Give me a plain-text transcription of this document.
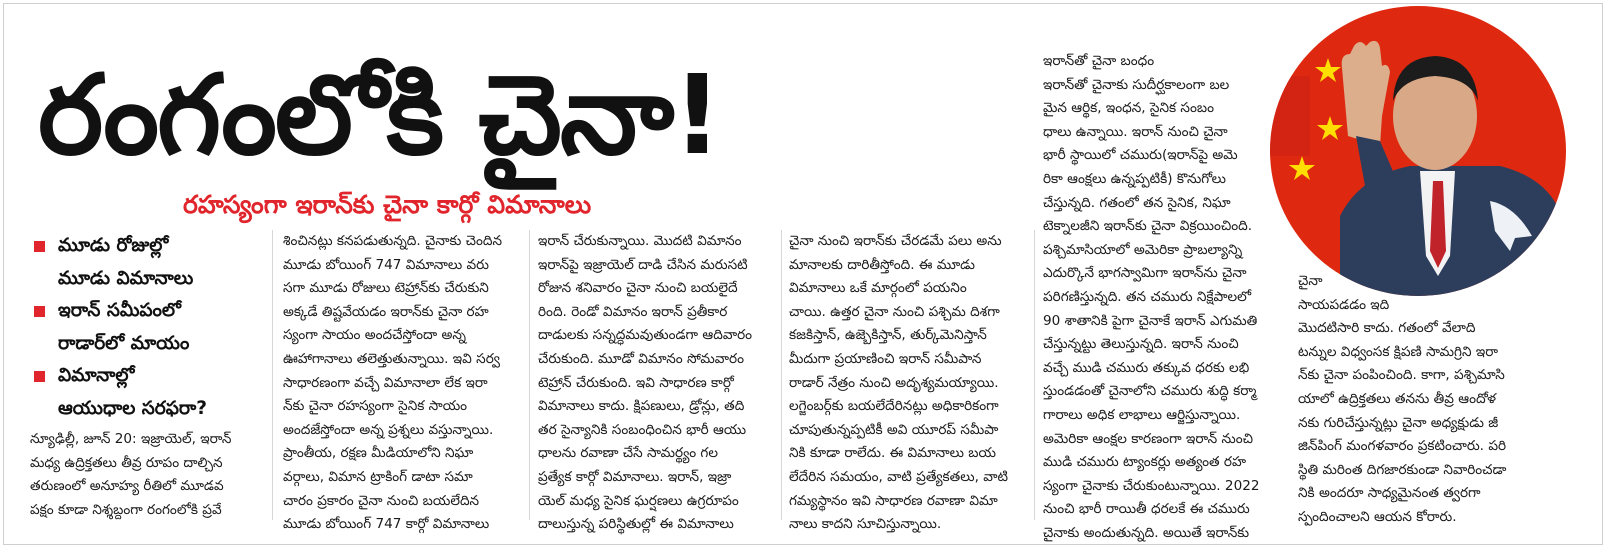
రంగంలోకి చైనా!
రహస్యంగా ఇరాన్‌కు చైనా కార్గో విమానాలు
మూడు రోజుల్లో
మూడు విమానాలు
ఇరాన్ సమీపంలో
రాడార్‌లో మాయం
విమానాల్లో
ఆయుధాల సరఫరా?
న్యూఢిల్లీ, జూన్ 20: ఇజ్రాయెల్, ఇరాన్
మధ్య ఉద్రిక్తతలు తీవ్ర రూపం దాల్చిన
తరుణంలో అనూహ్య రీతిలో మూడవ
పక్షం కూడా నిశ్శబ్దంగా రంగంలోకి ప్రవే
శించినట్లు కనపడుతున్నది. చైనాకు చెందిన
మూడు బోయింగ్ 747 విమానాలు వరు
సగా మూడు రోజులు టెహ్రాన్‌కు చేరుకుని
అక్కడే తిష్టవేయడం ఇరాన్‌కు చైనా రహ
స్యంగా సాయం అందచేస్తోందా అన్న
ఊహాగానాలు తలెత్తుతున్నాయి. ఇవి సర్వ
సాధారణంగా వచ్చే విమానాలా లేక ఇరా
న్‌కు చైనా రహస్యంగా సైనిక సాయం
అందజేస్తోందా అన్న ప్రశ్నలు వస్తున్నాయి.
ప్రాంతీయ, రక్షణ మీడియాలోని నిఘా
వర్గాలు, విమాన ట్రాకింగ్ డాటా సమా
చారం ప్రకారం చైనా నుంచి బయలేదిన
మూడు బోయింగ్ 747 కార్గో విమానాలు
ఇరాన్ చేరుకున్నాయి. మొదటి విమానం
ఇరాన్‌పై ఇజ్రాయెల్ దాడి చేసిన మరుసటి
రోజున శనివారం చైనా నుంచి బయలైదే
రింది. రెండో విమానం ఇరాన్ ప్రతీకార
దాడులకు సన్నద్ధమవుతుండగా ఆదివారం
చేరుకుంది. మూడో విమానం సోమవారం
టెహ్రాన్ చేరుకుంది. ఇవి సాధారణ కార్గో
విమానాలు కాదు. క్షిపణులు, డ్రోన్లు, తది
తర సైన్యానికి సంబంధించిన భారీ ఆయు
ధాలను రవాణా చేసే సామర్థ్యం గల
ప్రత్యేక కార్గో విమానాలు. ఇరాన్, ఇజ్రా
యెల్ మధ్య సైనిక ఘర్షణలు ఉగ్రరూపం
దాలుస్తున్న పరిస్థితుల్లో ఈ విమానాలు
చైనా నుంచి ఇరాన్‌కు చేరడమే పలు అను
మానాలకు దారితీస్తోంది. ఈ మూడు
విమానాలు ఒకే మార్గంలో పయనిం
చాయి. ఉత్తర చైనా నుంచి పశ్చిమ దిశగా
కజకిస్తాన్, ఉజ్బెకిస్తాన్, తుర్క్‌మెనిస్తాన్
మీదుగా ప్రయాణించి ఇరాన్ సమీపాన
రాడార్ నేత్రం నుంచి అదృశ్యమయ్యాయి.
లగ్జెంబర్గ్‌కు బయలేదేరినట్లు అధికారికంగా
చూపుతున్నప్పటికీ అవి యూరప్ సమీపా
నికి కూడా రాలేదు. ఈ విమానాలు బయ
లేదేరిన సమయం, వాటి ప్రత్యేకతలు, వాటి
గమ్యస్థానం ఇవి సాధారణ రవాణా విమా
నాలు కాదని సూచిస్తున్నాయి.
ఇరాన్‌తో చైనా బంధం
ఇరాన్‌తో చైనాకు సుదీర్ఘకాలంగా బల
మైన ఆర్థిక, ఇంధన, సైనిక సంబం
ధాలు ఉన్నాయి. ఇరాన్ నుంచి చైనా
భారీ స్థాయిలో చమురు(ఇరాన్‌పై అమె
రికా ఆంక్షలు ఉన్నప్పటికీ) కొనుగోలు
చేస్తున్నది. గతంలో తన సైనిక, నిఘా
టెక్నాలజీని ఇరాన్‌కు చైనా విక్రయించింది.
పశ్చిమాసియాలో అమెరికా ప్రాబల్యాన్ని
ఎదుర్కొనే భాగస్వామిగా ఇరాన్‌ను చైనా
పరిగణిస్తున్నది. తన చమురు నిక్షేపాలలో
90 శాతానికి పైగా చైనాకే ఇరాన్ ఎగుమతి
చేస్తున్నట్టు తెలుస్తున్నది. ఇరాన్ నుంచి
వచ్చే ముడి చమురు తక్కువ ధరకు లభి
స్తుండడంతో చైనాలోని చమురు శుద్ధి కర్మా
గారాలు అధిక లాభాలు ఆర్జిస్తున్నాయి.
అమెరికా ఆంక్షల కారణంగా ఇరాన్ నుంచి
ముడి చమురు ట్యాంకర్లు అత్యంత రహ
స్యంగా చైనాకు చేరుకుంటున్నాయి. 2022
నుంచి భారీ రాయితీ ధరలకే ఈ చమురు
చైనాకు అందుతున్నది. అయితే ఇరాన్‌కు
చైనా
సాయపడడం ఇది
మొదటిసారి కాదు. గతంలో వేలాది
టన్నుల విధ్వంసక క్షిపణి సామగ్రిని ఇరా
న్‌కు చైనా పంపించింది. కాగా, పశ్చిమాసి
యాలో ఉద్రిక్తతలు తనను తీవ్ర ఆందోళ
నకు గురిచేస్తున్నట్లు చైనా అధ్యక్షుడు జీ
జిన్‌పింగ్ మంగళవారం ప్రకటించారు. పరి
స్థితి మరింత దిగజారకుండా నివారించడా
నికి అందరూ సాధ్యమైనంత త్వరగా
స్పందించాలని ఆయన కోరారు.
